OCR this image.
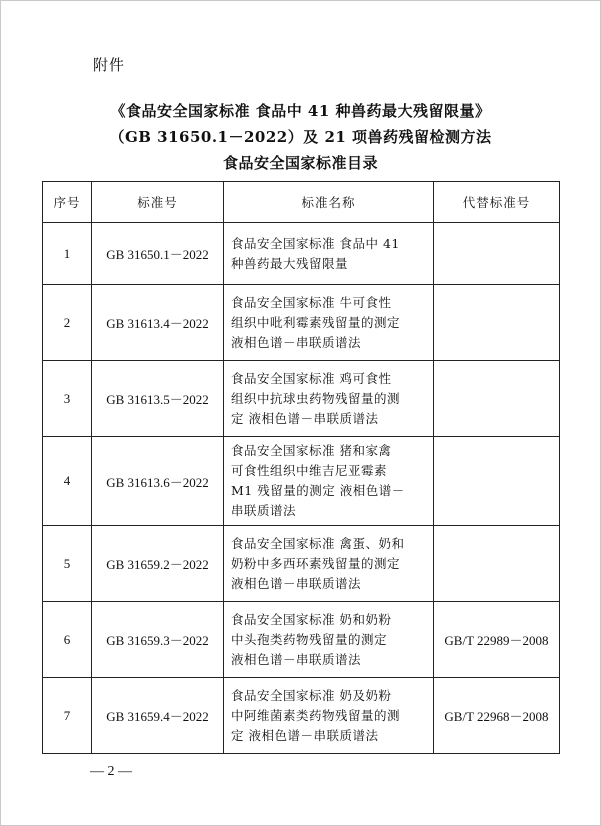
附件
《食品安全国家标准 食品中 41 种兽药最大残留限量》
（GB 31650.1－2022）及 21 项兽药残留检测方法
食品安全国家标准目录
序号	标准号	标准名称	代替标准号
1	GB 31650.1－2022	食品安全国家标准 食品中 41
种兽药最大残留限量	

2	GB 31613.4－2022	食品安全国家标准 牛可食性
组织中吡利霉素残留量的测定
液相色谱－串联质谱法	

3	GB 31613.5－2022	食品安全国家标准 鸡可食性
组织中抗球虫药物残留量的测
定 液相色谱－串联质谱法	

4	GB 31613.6－2022	食品安全国家标准 猪和家禽
可食性组织中维吉尼亚霉素
M1 残留量的测定 液相色谱－
串联质谱法	

5	GB 31659.2－2022	食品安全国家标准 禽蛋、奶和
奶粉中多西环素残留量的测定
液相色谱－串联质谱法	

6	GB 31659.3－2022	食品安全国家标准 奶和奶粉
中头孢类药物残留量的测定
液相色谱－串联质谱法	GB/T 22989－2008
7	GB 31659.4－2022	食品安全国家标准 奶及奶粉
中阿维菌素类药物残留量的测
定 液相色谱－串联质谱法	GB/T 22968－2008
— 2 —
